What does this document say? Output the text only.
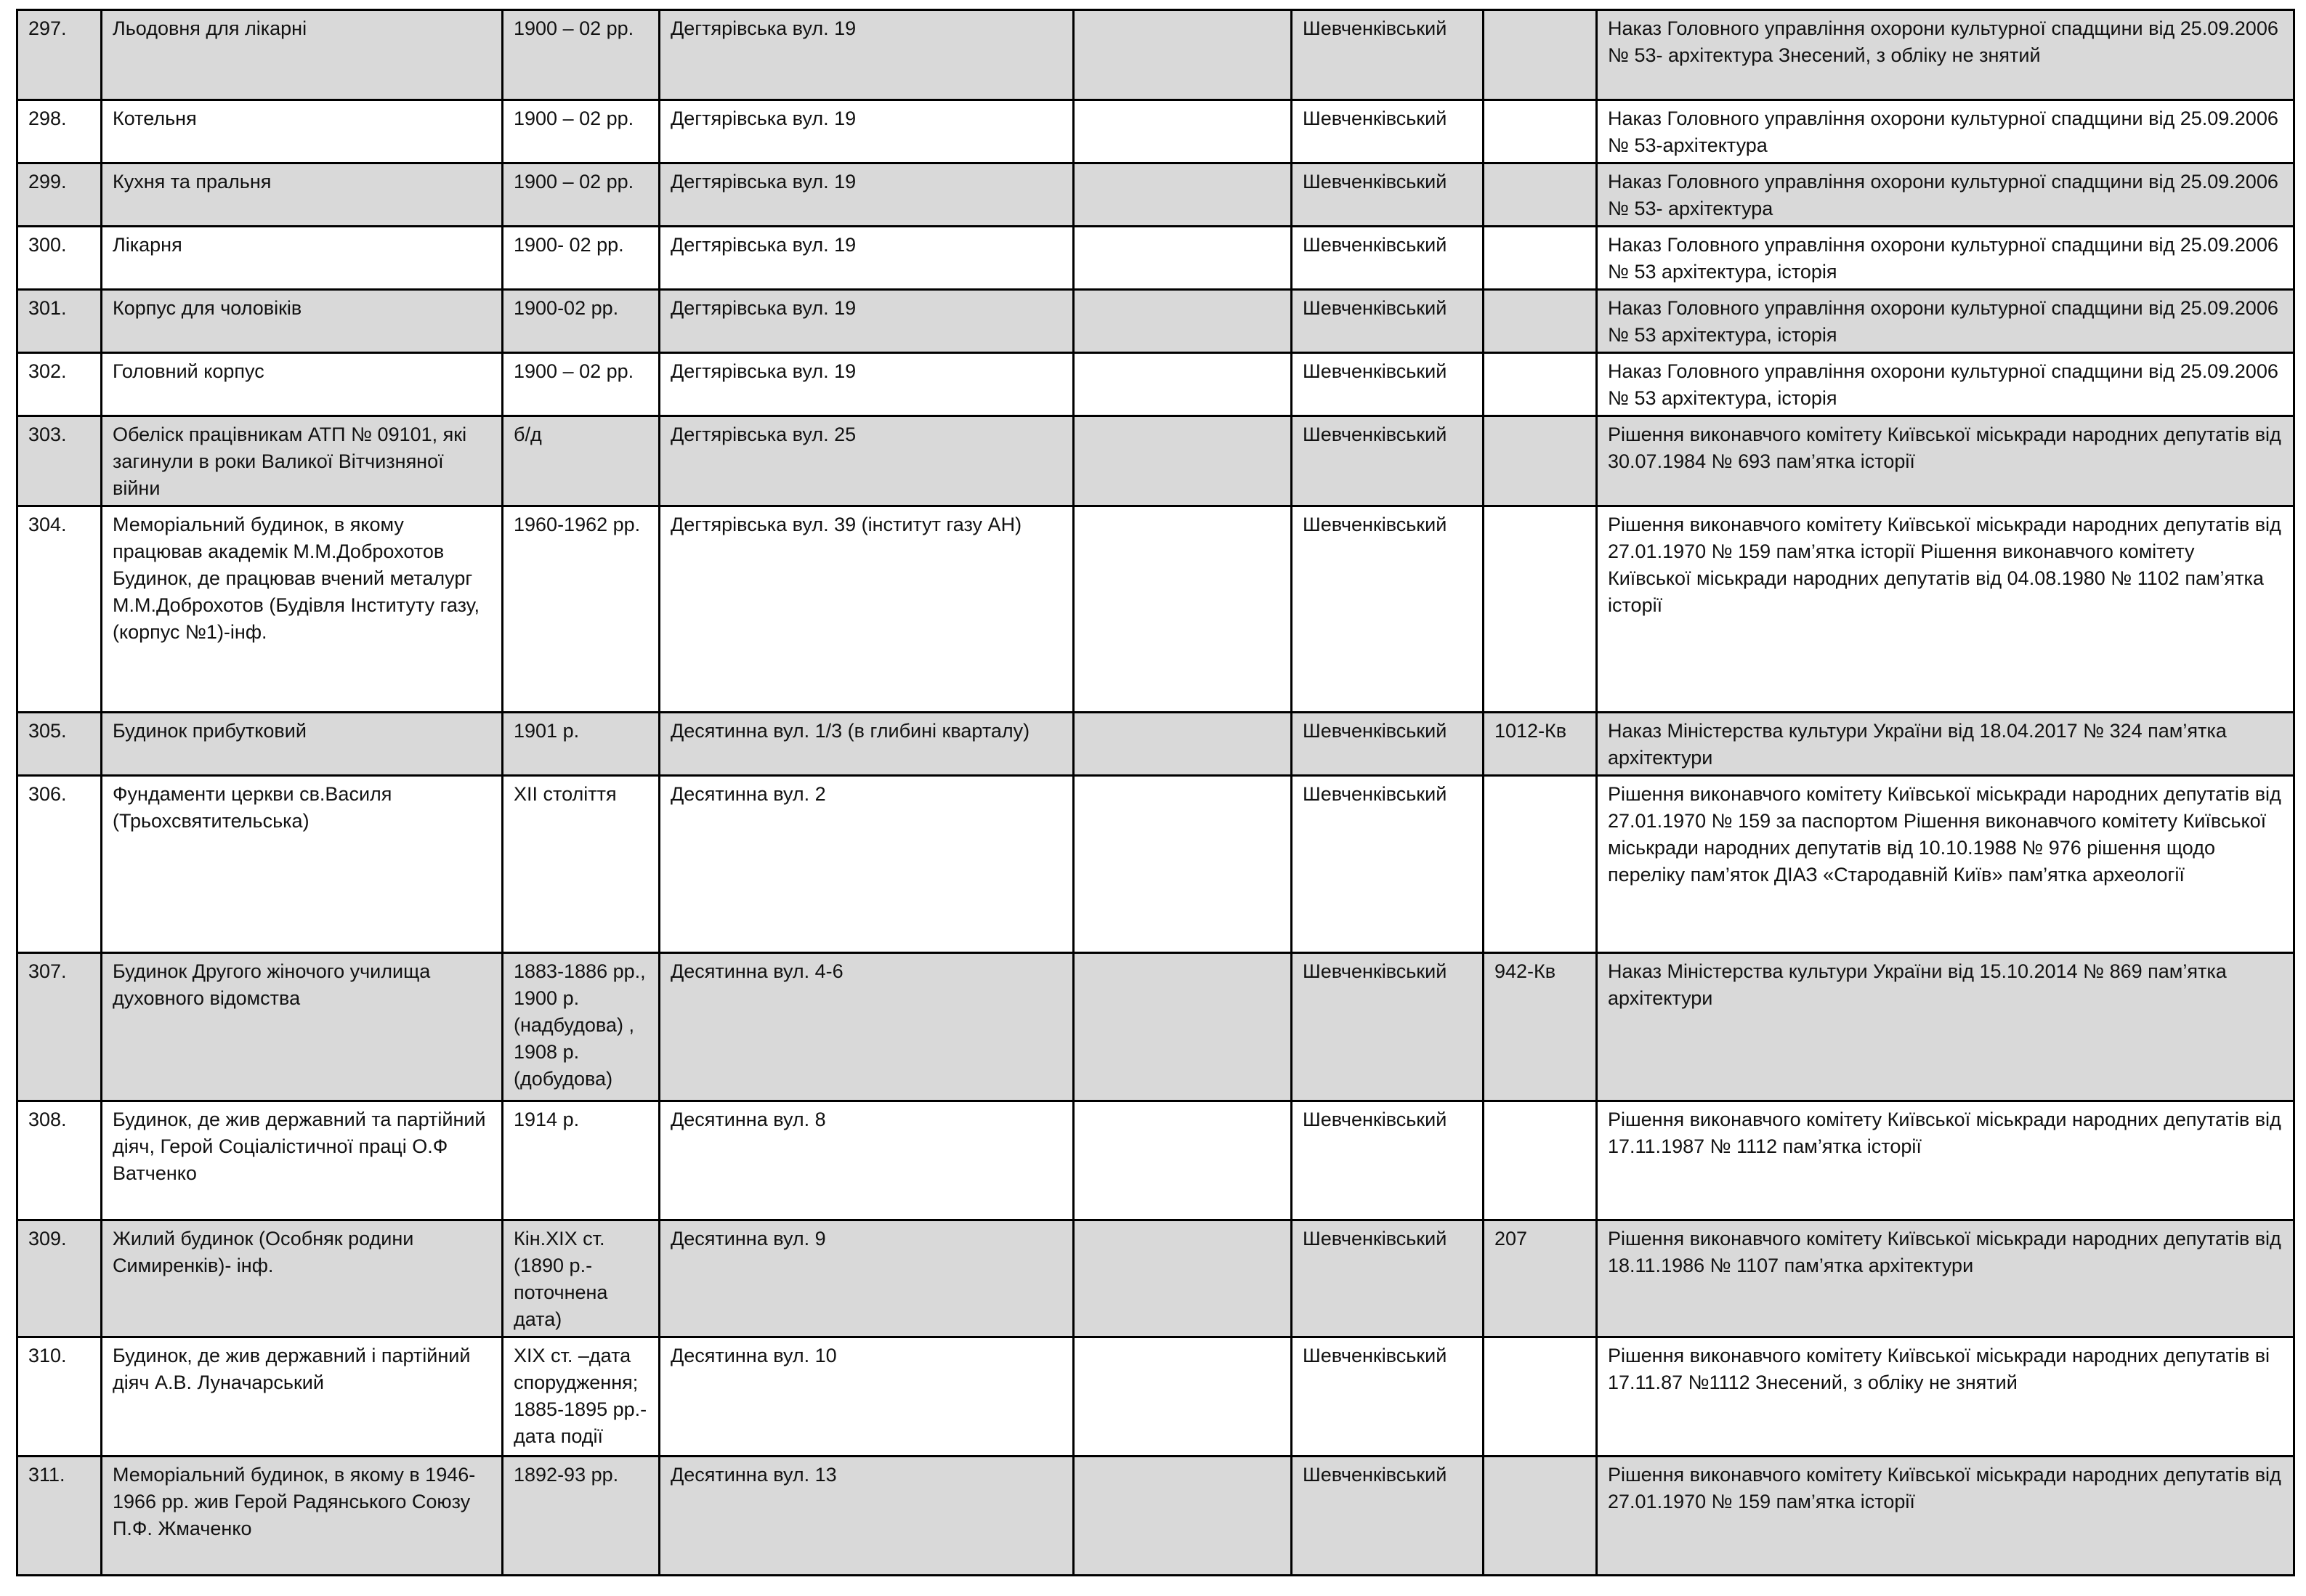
297.	Льодовня для лікарні	1900 – 02 рр.	Дегтярівська вул. 19		Шевченківський		Наказ Головного управління охорони культурної спадщини від 25.09.2006 № 53- архітектура Знесений, з обліку не знятий
298.	Котельня	1900 – 02 рр.	Дегтярівська вул. 19		Шевченківський		Наказ Головного управління охорони культурної спадщини від 25.09.2006 № 53-архітектура
299.	Кухня та пральня	1900 – 02 рр.	Дегтярівська вул. 19		Шевченківський		Наказ Головного управління охорони культурної спадщини від 25.09.2006 № 53- архітектура
300.	Лікарня	1900- 02 рр.	Дегтярівська вул. 19		Шевченківський		Наказ Головного управління охорони культурної спадщини від 25.09.2006 № 53 архітектура, історія
301.	Корпус для чоловіків	1900-02 рр.	Дегтярівська вул. 19		Шевченківський		Наказ Головного управління охорони культурної спадщини від 25.09.2006 № 53 архітектура, історія
302.	Головний корпус	1900 – 02 рр.	Дегтярівська вул. 19		Шевченківський		Наказ Головного управління охорони культурної спадщини від 25.09.2006 № 53 архітектура, історія
303.	Обеліск працівникам АТП № 09101, які загинули в роки Валикої Вітчизняної війни	б/д	Дегтярівська вул. 25		Шевченківський		Рішення виконавчого комітету Київської міськради народних депутатів від 30.07.1984 № 693 пам’ятка історії
304.	Меморіальний будинок, в якому працював академік М.М.Доброхотов Будинок, де працював вчений металург М.М.Доброхотов (Будівля Інституту газу,(корпус №1)-інф.	1960-1962 рр.	Дегтярівська вул. 39 (інститут газу АН)		Шевченківський		Рішення виконавчого комітету Київської міськради народних депутатів від 27.01.1970 № 159 пам’ятка історії Рішення виконавчого комітету Київської міськради народних депутатів від 04.08.1980 № 1102 пам’ятка історії
305.	Будинок прибутковий	1901 р.	Десятинна вул. 1/3 (в глибині кварталу)		Шевченківський	1012-Кв	Наказ Міністерства культури України від 18.04.2017 № 324 пам’ятка архітектури
306.	Фундаменти церкви св.Василя (Трьохсвятительська)	XII століття	Десятинна вул. 2		Шевченківський		Рішення виконавчого комітету Київської міськради народних депутатів від 27.01.1970 № 159 за паспортом Рішення виконавчого комітету Київської міськради народних депутатів від 10.10.1988 № 976 рішення щодо переліку пам’яток ДІАЗ «Стародавній Київ» пам’ятка археології
307.	Будинок Другого жіночого училища духовного відомства	1883-1886 рр., 1900 р.(надбудова) , 1908 р.(добудова)	Десятинна вул. 4-6		Шевченківський	942-Кв	Наказ Міністерства культури України від 15.10.2014 № 869 пам’ятка архітектури
308.	Будинок, де жив державний та партійний діяч, Герой Соціалістичної праці О.Ф Ватченко	1914 р.	Десятинна вул. 8		Шевченківський		Рішення виконавчого комітету Київської міськради народних депутатів від 17.11.1987 № 1112 пам’ятка історії
309.	Жилий будинок (Особняк родини Симиренків)- інф.	Кін.XIX ст. (1890 р.- поточнена дата)	Десятинна вул. 9		Шевченківський	207	Рішення виконавчого комітету Київської міськради народних депутатів від 18.11.1986 № 1107 пам’ятка архітектури
310.	Будинок, де жив державний і партійний діяч А.В. Луначарський	XIX ст. –дата спорудження; 1885-1895 рр.- дата події	Десятинна вул. 10		Шевченківський		Рішення виконавчого комітету Київської міськради народних депутатів ві 17.11.87 №1112 Знесений, з обліку не знятий
311.	Меморіальний будинок, в якому в 1946-1966 рр. жив Герой Радянського Союзу П.Ф. Жмаченко	1892-93 рр.	Десятинна вул. 13		Шевченківський		Рішення виконавчого комітету Київської міськради народних депутатів від 27.01.1970 № 159 пам’ятка історії
